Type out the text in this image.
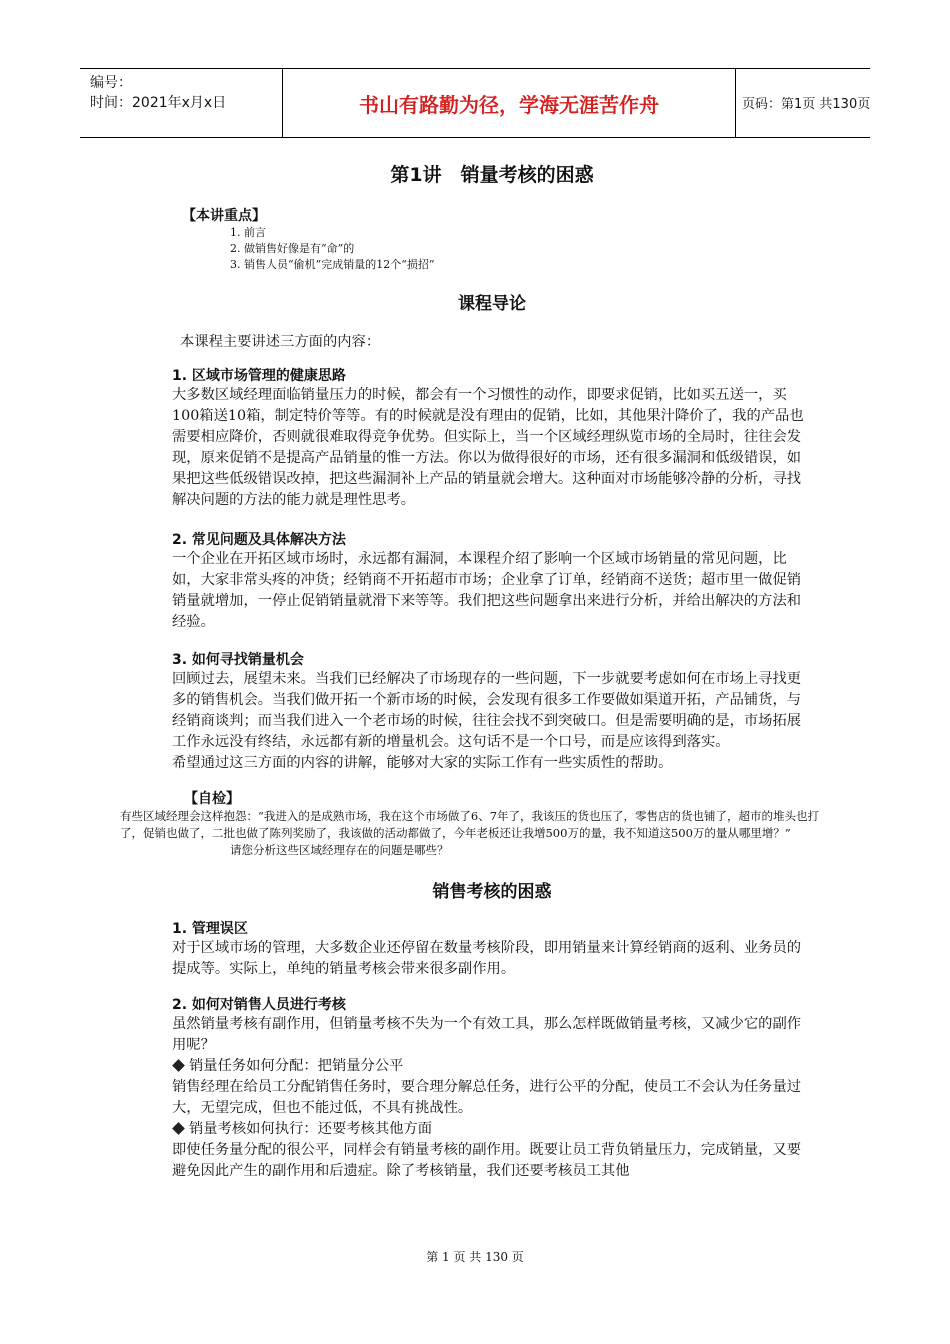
编号：
时间：2021年x月x日	书山有路勤为径，学海无涯苦作舟	页码：第1页 共130页
第1讲　销量考核的困惑
【本讲重点】
1. 前言
2. 做销售好像是有“命”的
3. 销售人员“偷机”完成销量的12个“损招”
课程导论

本课程主要讲述三方面的内容：

1. 区域市场管理的健康思路

大多数区域经理面临销量压力的时候，都会有一个习惯性的动作，即要求促销，比如买五送一，买100箱送10箱，制定特价等等。有的时候就是没有理由的促销，比如，其他果汁降价了，我的产品也需要相应降价，否则就很难取得竞争优势。但实际上，当一个区域经理纵览市场的全局时，往往会发现，原来促销不是提高产品销量的惟一方法。你以为做得很好的市场，还有很多漏洞和低级错误，如果把这些低级错误改掉，把这些漏洞补上产品的销量就会增大。这种面对市场能够冷静的分析，寻找解决问题的方法的能力就是理性思考。

2. 常见问题及具体解决方法

一个企业在开拓区域市场时，永远都有漏洞，本课程介绍了影响一个区域市场销量的常见问题，比如，大家非常头疼的冲货；经销商不开拓超市市场；企业拿了订单，经销商不送货；超市里一做促销销量就增加，一停止促销销量就滑下来等等。我们把这些问题拿出来进行分析，并给出解决的方法和经验。

3. 如何寻找销量机会

回顾过去，展望未来。当我们已经解决了市场现存的一些问题，下一步就要考虑如何在市场上寻找更多的销售机会。当我们做开拓一个新市场的时候，会发现有很多工作要做如渠道开拓，产品铺货，与经销商谈判；而当我们进入一个老市场的时候，往往会找不到突破口。但是需要明确的是，市场拓展工作永远没有终结，永远都有新的增量机会。这句话不是一个口号，而是应该得到落实。

希望通过这三方面的内容的讲解，能够对大家的实际工作有一些实质性的帮助。

【自检】

有些区域经理会这样抱怨：“我进入的是成熟市场，我在这个市场做了6、7年了，我该压的货也压了，零售店的货也铺了，超市的堆头也打了，促销也做了，二批也做了陈列奖励了，我该做的活动都做了，今年老板还让我增500万的量，我不知道这500万的量从哪里增？”

请您分析这些区域经理存在的问题是哪些？

销售考核的困惑

1. 管理误区

对于区域市场的管理，大多数企业还停留在数量考核阶段，即用销量来计算经销商的返利、业务员的提成等。实际上，单纯的销量考核会带来很多副作用。

2. 如何对销售人员进行考核

虽然销量考核有副作用，但销量考核不失为一个有效工具，那么怎样既做销量考核，又减少它的副作用呢？

销量任务如何分配：把销量分公平

销售经理在给员工分配销售任务时，要合理分解总任务，进行公平的分配，使员工不会认为任务量过大，无望完成，但也不能过低，不具有挑战性。

销量考核如何执行：还要考核其他方面

即使任务量分配的很公平，同样会有销量考核的副作用。既要让员工背负销量压力，完成销量，又要避免因此产生的副作用和后遗症。除了考核销量，我们还要考核员工其他

第 1 页 共 130 页
